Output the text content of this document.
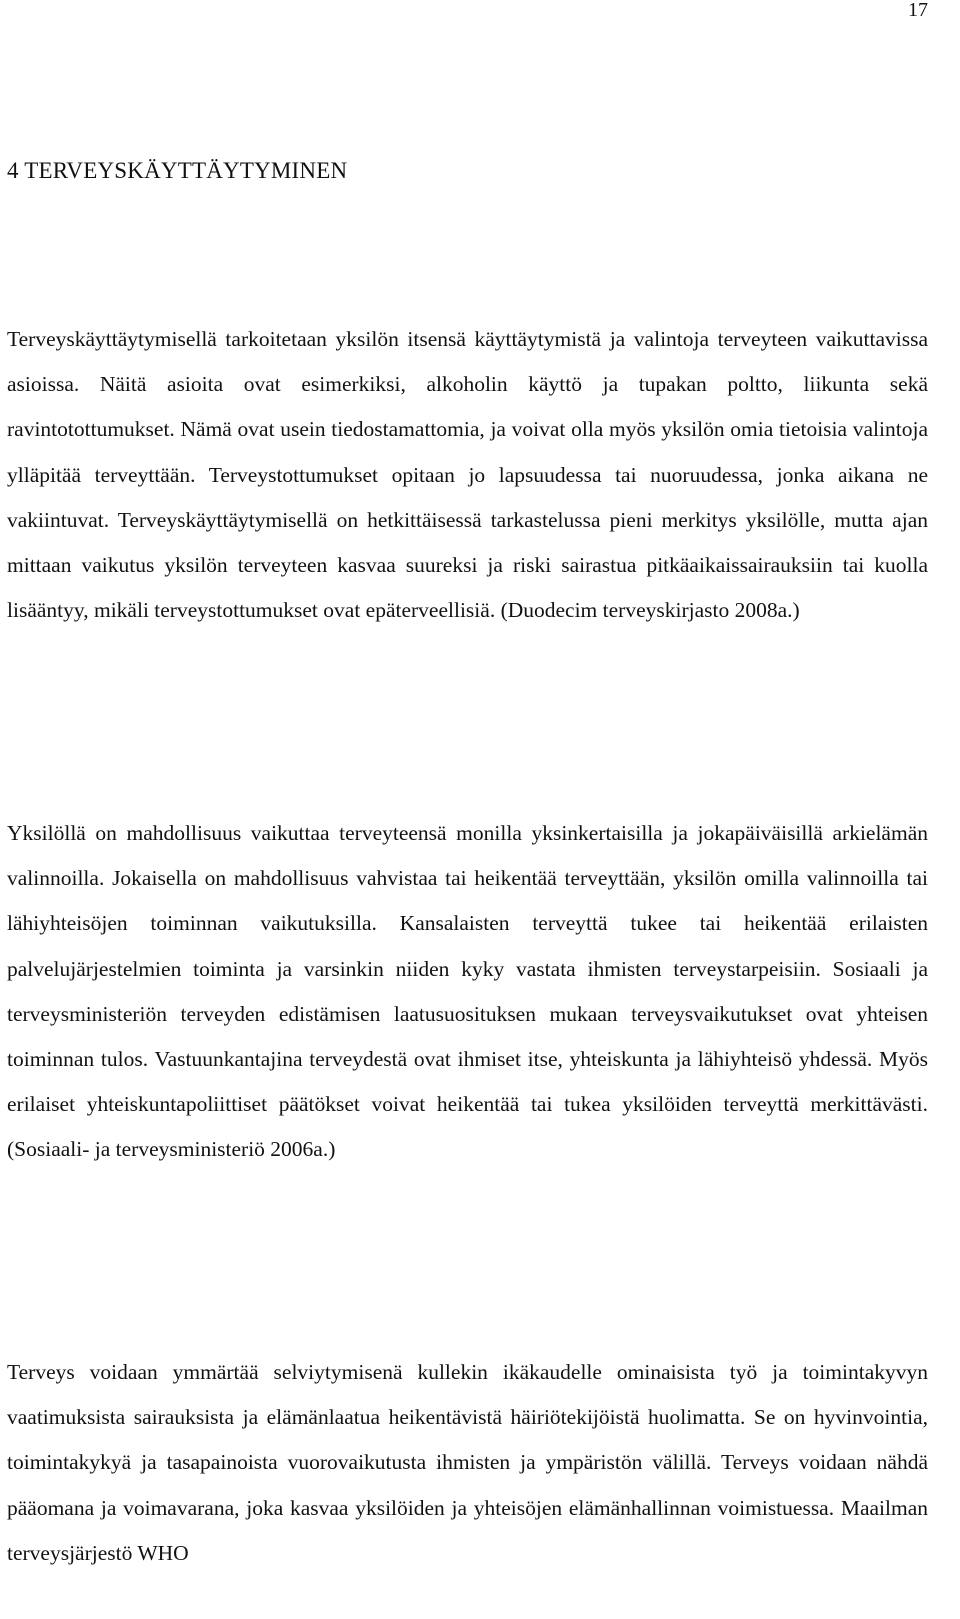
17
4 TERVEYSKÄYTTÄYTYMINEN

Terveyskäyttäytymisellä tarkoitetaan yksilön itsensä käyttäytymistä ja valintoja terveyteen vaikuttavissa asioissa. Näitä asioita ovat esimerkiksi, alkoholin käyttö ja tupakan poltto, liikunta sekä ravintotottumukset. Nämä ovat usein tiedostamattomia, ja voivat olla myös yksilön omia tietoisia valintoja ylläpitää terveyttään. Terveystottumukset opitaan jo lapsuudessa tai nuoruudessa, jonka aikana ne vakiintuvat. Terveyskäyttäytymisellä on hetkittäisessä tarkastelussa pieni merkitys yksilölle, mutta ajan mittaan vaikutus yksilön terveyteen kasvaa suureksi ja riski sairastua pitkäaikaissairauksiin tai kuolla lisääntyy, mikäli terveystottumukset ovat epäterveellisiä. (Duodecim terveyskirjasto 2008a.)

Yksilöllä on mahdollisuus vaikuttaa terveyteensä monilla yksinkertaisilla ja jokapäiväisillä arkielämän valinnoilla. Jokaisella on mahdollisuus vahvistaa tai heikentää terveyttään, yksilön omilla valinnoilla tai lähiyhteisöjen toiminnan vaikutuksilla. Kansalaisten terveyttä tukee tai heikentää erilaisten palvelujärjestelmien toiminta ja varsinkin niiden kyky vastata ihmisten terveystarpeisiin. Sosiaali ja terveysministeriön terveyden edistämisen laatusuosituksen mukaan terveysvaikutukset ovat yhteisen toiminnan tulos. Vastuunkantajina terveydestä ovat ihmiset itse, yhteiskunta ja lähiyhteisö yhdessä. Myös erilaiset yhteiskuntapoliittiset päätökset voivat heikentää tai tukea yksilöiden terveyttä merkittävästi. (Sosiaali- ja terveysministeriö 2006a.)

Terveys voidaan ymmärtää selviytymisenä kullekin ikäkaudelle ominaisista työ ja toimintakyvyn vaatimuksista sairauksista ja elämänlaatua heikentävistä häiriötekijöistä huolimatta. Se on hyvinvointia, toimintakykyä ja tasapainoista vuorovaikutusta ihmisten ja ympäristön välillä. Terveys voidaan nähdä pääomana ja voimavarana, joka kasvaa yksilöiden ja yhteisöjen elämänhallinnan voimistuessa. Maailman terveysjärjestö WHO
